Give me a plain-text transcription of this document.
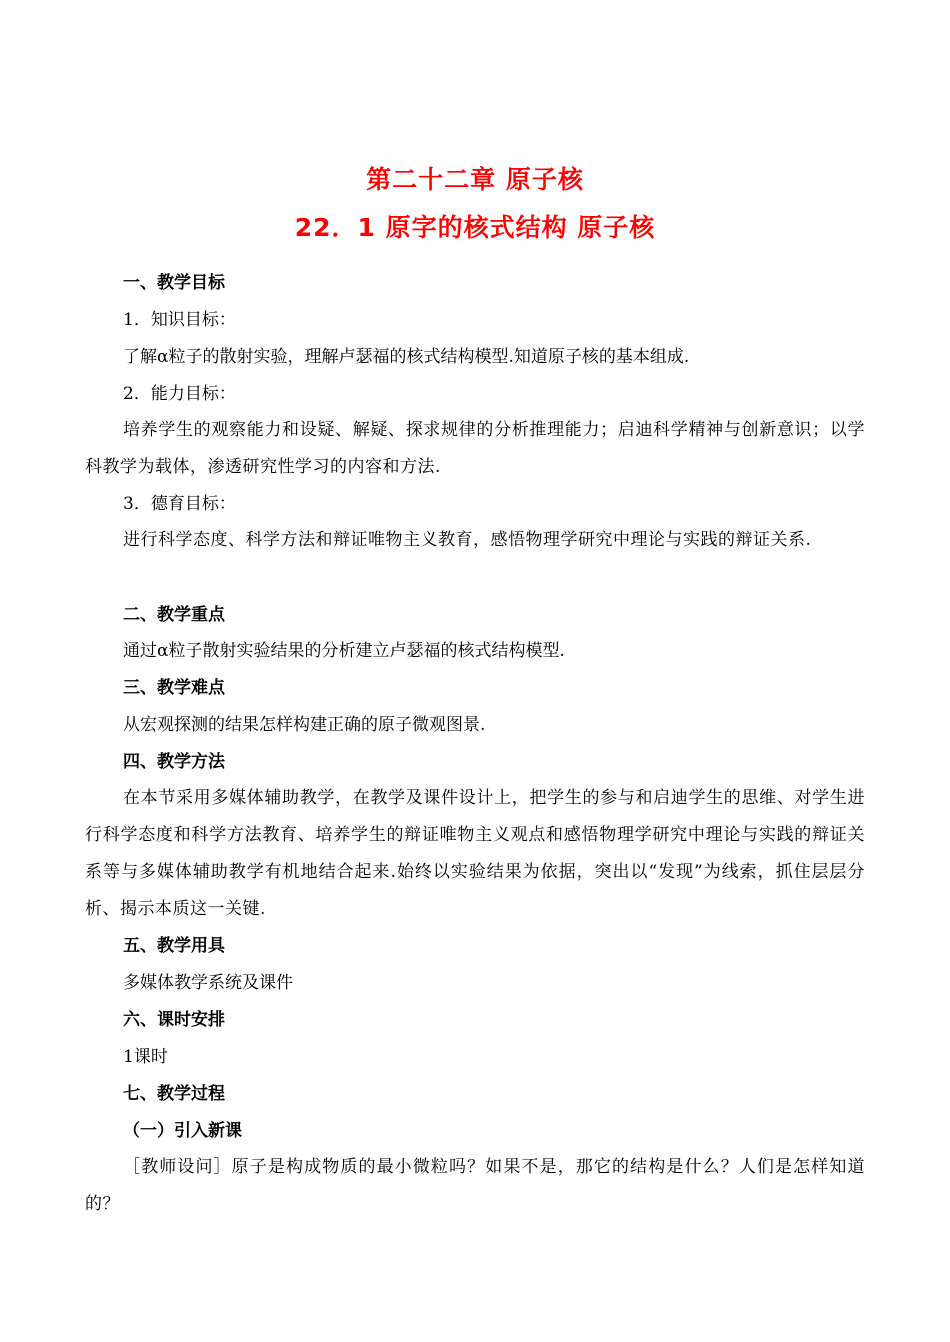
第二十二章 原子核
22．1 原字的核式结构 原子核
一、教学目标
1．知识目标：
了解α粒子的散射实验，理解卢瑟福的核式结构模型.知道原子核的基本组成.
2．能力目标：
培养学生的观察能力和设疑、解疑、探求规律的分析推理能力；启迪科学精神与创新意识；以学科教学为载体，渗透研究性学习的内容和方法.
3．德育目标：
进行科学态度、科学方法和辩证唯物主义教育，感悟物理学研究中理论与实践的辩证关系.
二、教学重点
通过α粒子散射实验结果的分析建立卢瑟福的核式结构模型.
三、教学难点
从宏观探测的结果怎样构建正确的原子微观图景.
四、教学方法
在本节采用多媒体辅助教学，在教学及课件设计上，把学生的参与和启迪学生的思维、对学生进行科学态度和科学方法教育、培养学生的辩证唯物主义观点和感悟物理学研究中理论与实践的辩证关系等与多媒体辅助教学有机地结合起来.始终以实验结果为依据，突出以“发现”为线索，抓住层层分析、揭示本质这一关键.
五、教学用具
多媒体教学系统及课件
六、课时安排
1课时
七、教学过程
（一）引入新课
［教师设问］原子是构成物质的最小微粒吗？如果不是，那它的结构是什么？人们是怎样知道的？
